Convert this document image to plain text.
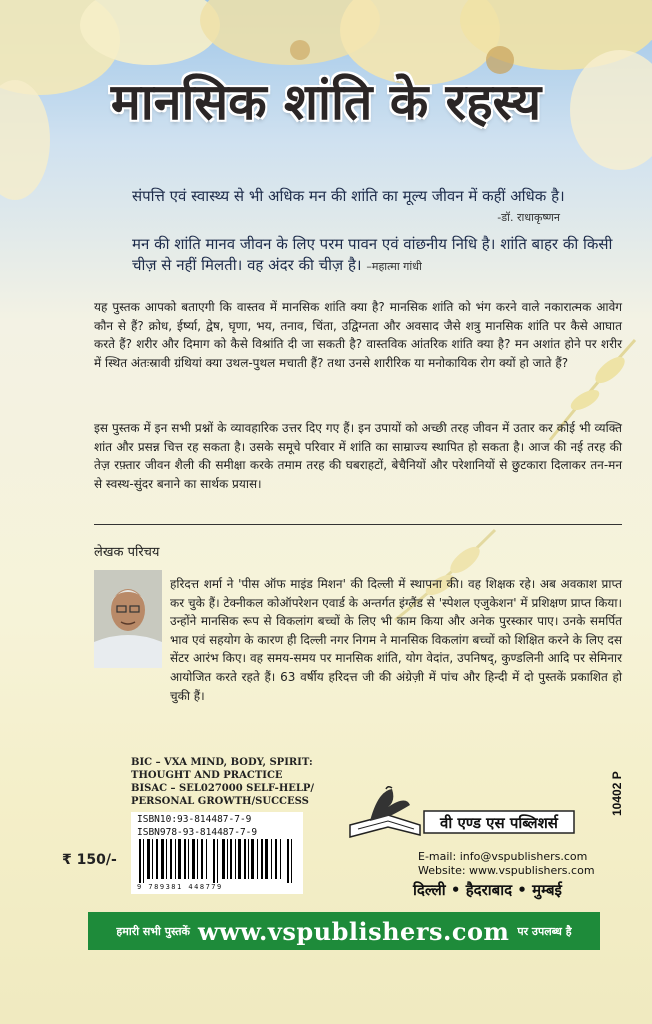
मानसिक शांति के रहस्य
संपत्ति एवं स्वास्थ्य से भी अधिक मन की शांति का मूल्य जीवन में कहीं अधिक है।
-डॉ. राधाकृष्णन
मन की शांति मानव जीवन के लिए परम पावन एवं वांछनीय निधि है। शांति बाहर की किसी चीज़ से नहीं मिलती। वह अंदर की चीज़ है। –महात्मा गांधी
यह पुस्तक आपको बताएगी कि वास्तव में मानसिक शांति क्या है? मानसिक शांति को भंग करने वाले नकारात्मक आवेग कौन से हैं? क्रोध, ईर्ष्या, द्वेष, घृणा, भय, तनाव, चिंता, उद्विग्नता और अवसाद जैसे शत्रु मानसिक शांति पर कैसे आघात करते हैं? शरीर और दिमाग को कैसे विश्रांति दी जा सकती है? वास्तविक आंतरिक शांति क्या है? मन अशांत होने पर शरीर में स्थित अंतःस्रावी ग्रंथियां क्या उथल-पुथल मचाती हैं? तथा उनसे शारीरिक या मनोकायिक रोग क्यों हो जाते हैं?
इस पुस्तक में इन सभी प्रश्नों के व्यावहारिक उत्तर दिए गए हैं। इन उपायों को अच्छी तरह जीवन में उतार कर कोई भी व्यक्ति शांत और प्रसन्न चित्त रह सकता है। उसके समूचे परिवार में शांति का साम्राज्य स्थापित हो सकता है। आज की नई तरह की तेज़ रफ़्तार जीवन शैली की समीक्षा करके तमाम तरह की घबराहटों, बेचैनियों और परेशानियों से छुटकारा दिलाकर तन-मन से स्वस्थ-सुंदर बनाने का सार्थक प्रयास।
लेखक परिचय
हरिदत्त शर्मा ने 'पीस ऑफ माइंड मिशन' की दिल्ली में स्थापना की। वह शिक्षक रहे। अब अवकाश प्राप्त कर चुके हैं। टेक्नीकल कोऑपरेशन एवार्ड के अन्तर्गत इंग्लैंड से 'स्पेशल एजुकेशन' में प्रशिक्षण प्राप्त किया। उन्होंने मानसिक रूप से विकलांग बच्चों के लिए भी काम किया और अनेक पुरस्कार पाए। उनके समर्पित भाव एवं सहयोग के कारण ही दिल्ली नगर निगम ने मानसिक विकलांग बच्चों को शिक्षित करने के लिए दस सेंटर आरंभ किए। वह समय-समय पर मानसिक शांति, योग वेदांत, उपनिषद्, कुण्डलिनी आदि पर सेमिनार आयोजित करते रहते हैं। 63 वर्षीय हरिदत्त जी की अंग्रेज़ी में पांच और हिन्दी में दो पुस्तकें प्रकाशित हो चुकी हैं।
BIC – VXA MIND, BODY, SPIRIT: THOUGHT AND PRACTICE
BISAC – SEL027000 SELF-HELP/ PERSONAL GROWTH/SUCCESS
₹ 150/-
ISBN10:93-814487-7-9
ISBN978-93-814487-7-9
9 789381 448779
10402 P
वी एण्ड एस पब्लिशर्स
E-mail: info@vspublishers.com
Website: www.vspublishers.com
दिल्ली • हैदराबाद • मुम्बई
हमारी सभी पुस्तकें www.vspublishers.com पर उपलब्ध है
